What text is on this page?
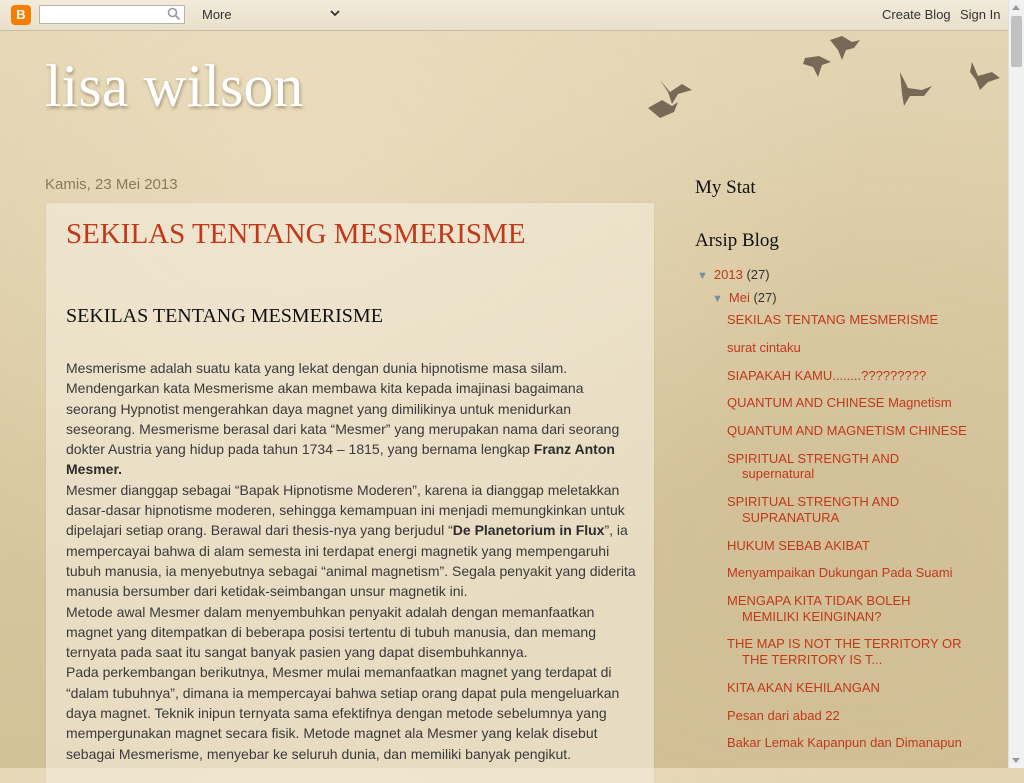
B	More	Create Blog Sign In
lisa wilson
Kamis, 23 Mei 2013
SEKILAS TENTANG MESMERISME
SEKILAS TENTANG MESMERISME

Mesmerisme adalah suatu kata yang lekat dengan dunia hipnotisme masa silam. Mendengarkan kata Mesmerisme akan membawa kita kepada imajinasi bagaimana seorang Hypnotist mengerahkan daya magnet yang dimilikinya untuk menidurkan seseorang. Mesmerisme berasal dari kata “Mesmer” yang merupakan nama dari seorang dokter Austria yang hidup pada tahun 1734 – 1815, yang bernama lengkap Franz Anton Mesmer.

Mesmer dianggap sebagai “Bapak Hipnotisme Moderen”, karena ia dianggap meletakkan dasar-dasar hipnotisme moderen, sehingga kemampuan ini menjadi memungkinkan untuk dipelajari setiap orang. Berawal dari thesis-nya yang berjudul “De Planetorium in Flux”, ia mempercayai bahwa di alam semesta ini terdapat energi magnetik yang mempengaruhi tubuh manusia, ia menyebutnya sebagai “animal magnetism”. Segala penyakit yang diderita manusia bersumber dari ketidak-seimbangan unsur magnetik ini.

Metode awal Mesmer dalam menyembuhkan penyakit adalah dengan memanfaatkan magnet yang ditempatkan di beberapa posisi tertentu di tubuh manusia, dan memang ternyata pada saat itu sangat banyak pasien yang dapat disembuhkannya.

Pada perkembangan berikutnya, Mesmer mulai memanfaatkan magnet yang terdapat di “dalam tubuhnya”, dimana ia mempercayai bahwa setiap orang dapat pula mengeluarkan daya magnet. Teknik inipun ternyata sama efektifnya dengan metode sebelumnya yang mempergunakan magnet secara fisik. Metode magnet ala Mesmer yang kelak disebut sebagai Mesmerisme, menyebar ke seluruh dunia, dan memiliki banyak pengikut.

My Stat
Arsip Blog
▼ 2013 (27)
▼ Mei (27)
SEKILAS TENTANG MESMERISME
surat cintaku
SIAPAKAH KAMU........?????????
QUANTUM AND CHINESE Magnetism
QUANTUM AND MAGNETISM CHINESE
SPIRITUAL STRENGTH AND supernatural
SPIRITUAL STRENGTH AND SUPRANATURA
HUKUM SEBAB AKIBAT
Menyampaikan Dukungan Pada Suami
MENGAPA KITA TIDAK BOLEH MEMILIKI KEINGINAN?
THE MAP IS NOT THE TERRITORY OR THE TERRITORY IS T...
KITA AKAN KEHILANGAN
Pesan dari abad 22
Bakar Lemak Kapanpun dan Dimanapun
